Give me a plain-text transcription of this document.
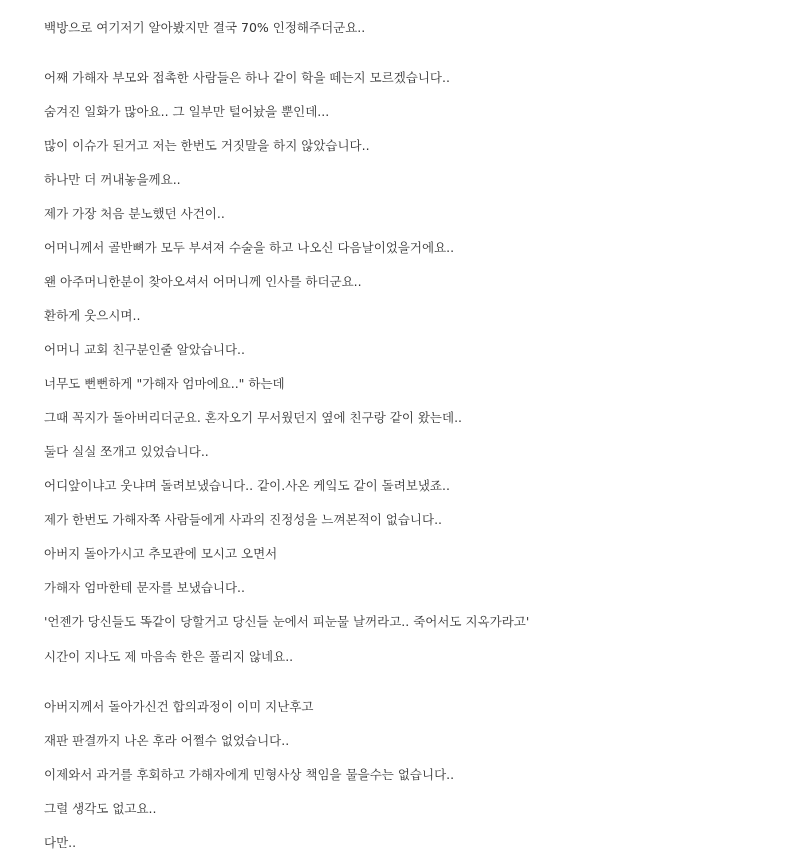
백방으로 여기저기 알아봤지만 결국 70% 인정해주더군요..

어째 가해자 부모와 접촉한 사람들은 하나 같이 학을 떼는지 모르겠습니다..

숨겨진 일화가 많아요.. 그 일부만 털어놨을 뿐인데...

많이 이슈가 된거고 저는 한번도 거짓말을 하지 않았습니다..

하나만 더 꺼내놓을께요..

제가 가장 처음 분노했던 사건이..

어머니께서 골반뼈가 모두 부셔져 수술을 하고 나오신 다음날이었을거에요..

왠 아주머니한분이 찾아오셔서 어머니께 인사를 하더군요..

환하게 웃으시며..

어머니 교회 친구분인줄 알았습니다..

너무도 뻔뻔하게 "가해자 엄마에요.." 하는데

그때 꼭지가 돌아버리더군요. 혼자오기 무서웠던지 옆에 친구랑 같이 왔는데..

둘다 실실 쪼개고 있었습니다..

어디앞이냐고 웃냐며 돌려보냈습니다.. 같이.사온 케잌도 같이 돌려보냈죠..

제가 한번도 가해자쪽 사람들에게 사과의 진정성을 느껴본적이 없습니다..

아버지 돌아가시고 추모관에 모시고 오면서

가해자 엄마한테 문자를 보냈습니다..

'언젠가 당신들도 똑같이 당할거고 당신들 눈에서 피눈물 날꺼라고.. 죽어서도 지옥가라고'

시간이 지나도 제 마음속 한은 풀리지 않네요..

아버지께서 돌아가신건 합의과정이 이미 지난후고

재판 판결까지 나온 후라 어쩔수 없었습니다..

이제와서 과거를 후회하고 가해자에게 민형사상 책임을 물을수는 없습니다..

그럴 생각도 없고요..

다만..
